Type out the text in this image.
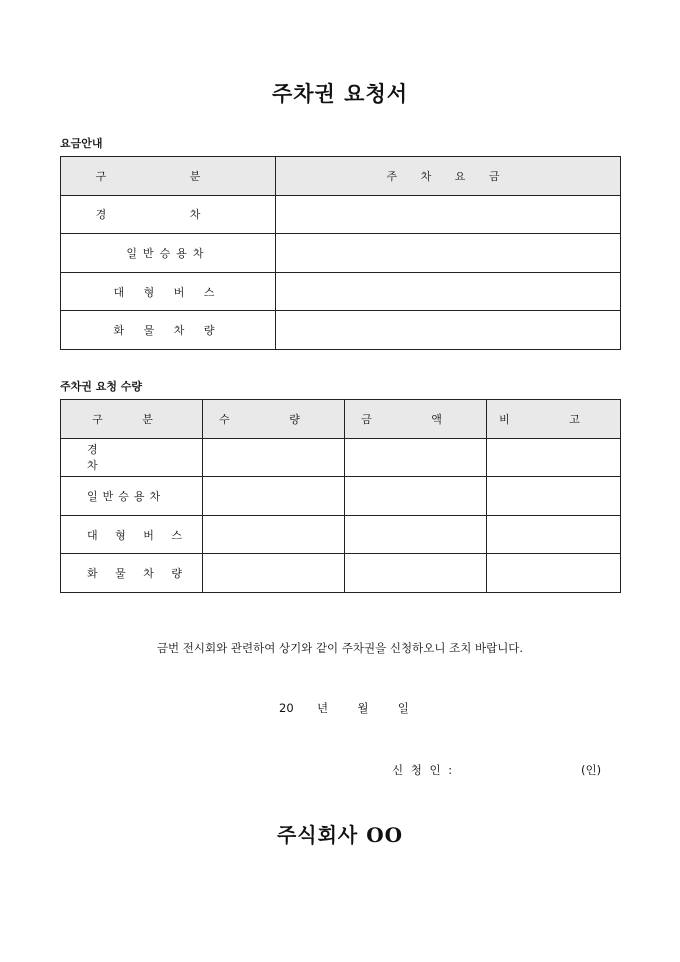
주차권 요청서
요금안내
구 분	주 차 요 금
경 차	
일반승용차	
대 형 버 스	
화 물 차 량	
주차권 요청 수량
구 분	수 량	금 액	비 고
경 차			
일반승용차			
대 형 버 스			
화 물 차 량			
금번 전시회와 관련하여 상기와 같이 주차권을 신청하오니 조치 바랍니다.
20 년	월	일
신 청 인 :	(인)
주식회사 OO
